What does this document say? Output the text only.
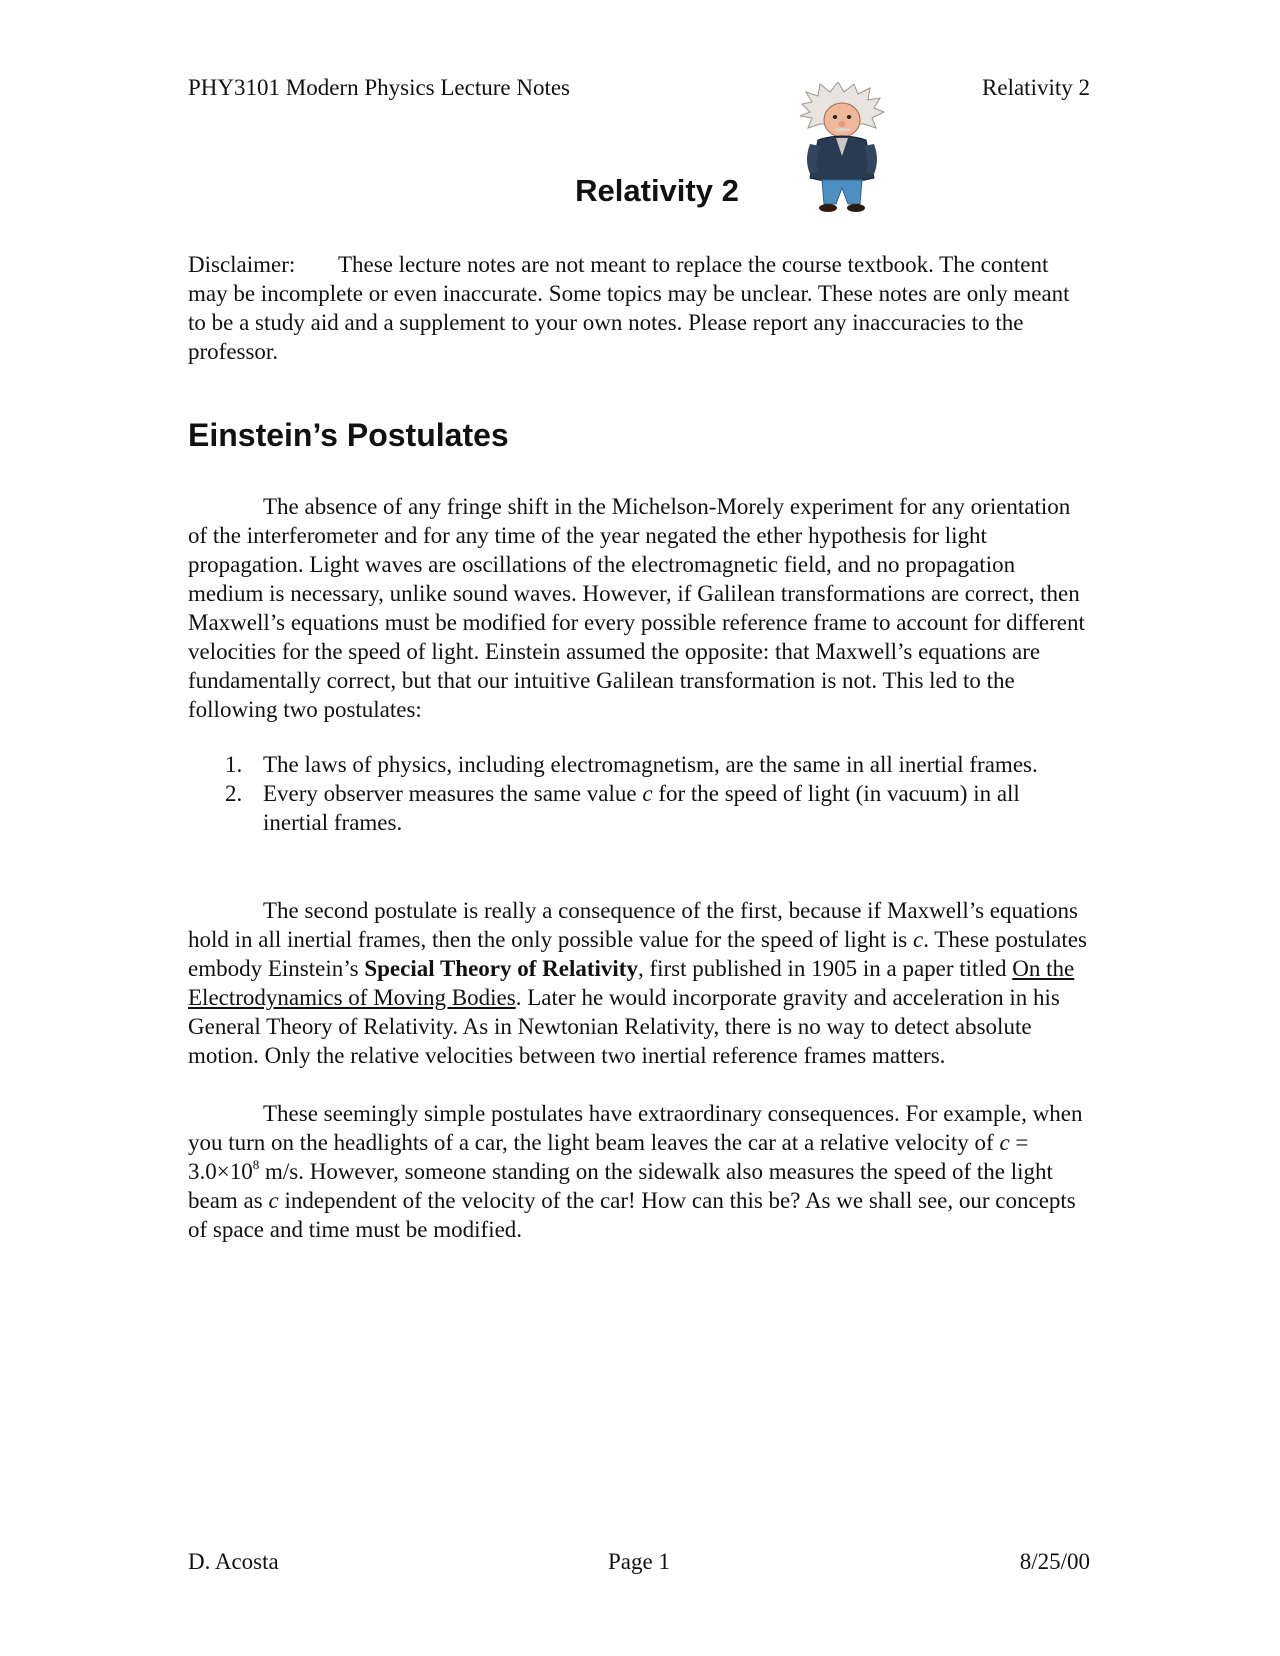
PHY3101 Modern Physics Lecture Notes	Relativity 2
Relativity 2

Disclaimer: These lecture notes are not meant to replace the course textbook. The content may be incomplete or even inaccurate. Some topics may be unclear. These notes are only meant to be a study aid and a supplement to your own notes. Please report any inaccuracies to the professor.

Einstein’s Postulates

The absence of any fringe shift in the Michelson-Morely experiment for any orientation of the interferometer and for any time of the year negated the ether hypothesis for light propagation. Light waves are oscillations of the electromagnetic field, and no propagation medium is necessary, unlike sound waves. However, if Galilean transformations are correct, then Maxwell’s equations must be modified for every possible reference frame to account for different velocities for the speed of light. Einstein assumed the opposite: that Maxwell’s equations are fundamentally correct, but that our intuitive Galilean transformation is not. This led to the following two postulates:

1. The laws of physics, including electromagnetism, are the same in all inertial frames.
2. Every observer measures the same value c for the speed of light (in vacuum) in all inertial frames.

The second postulate is really a consequence of the first, because if Maxwell’s equations hold in all inertial frames, then the only possible value for the speed of light is c. These postulates embody Einstein’s Special Theory of Relativity, first published in 1905 in a paper titled On the Electrodynamics of Moving Bodies. Later he would incorporate gravity and acceleration in his General Theory of Relativity. As in Newtonian Relativity, there is no way to detect absolute motion. Only the relative velocities between two inertial reference frames matters.

These seemingly simple postulates have extraordinary consequences. For example, when you turn on the headlights of a car, the light beam leaves the car at a relative velocity of $c = 3.0\times 10^8$ m/s. However, someone standing on the sidewalk also measures the speed of the light beam as c independent of the velocity of the car! How can this be? As we shall see, our concepts of space and time must be modified.

D. Acosta	Page 1	8/25/00
